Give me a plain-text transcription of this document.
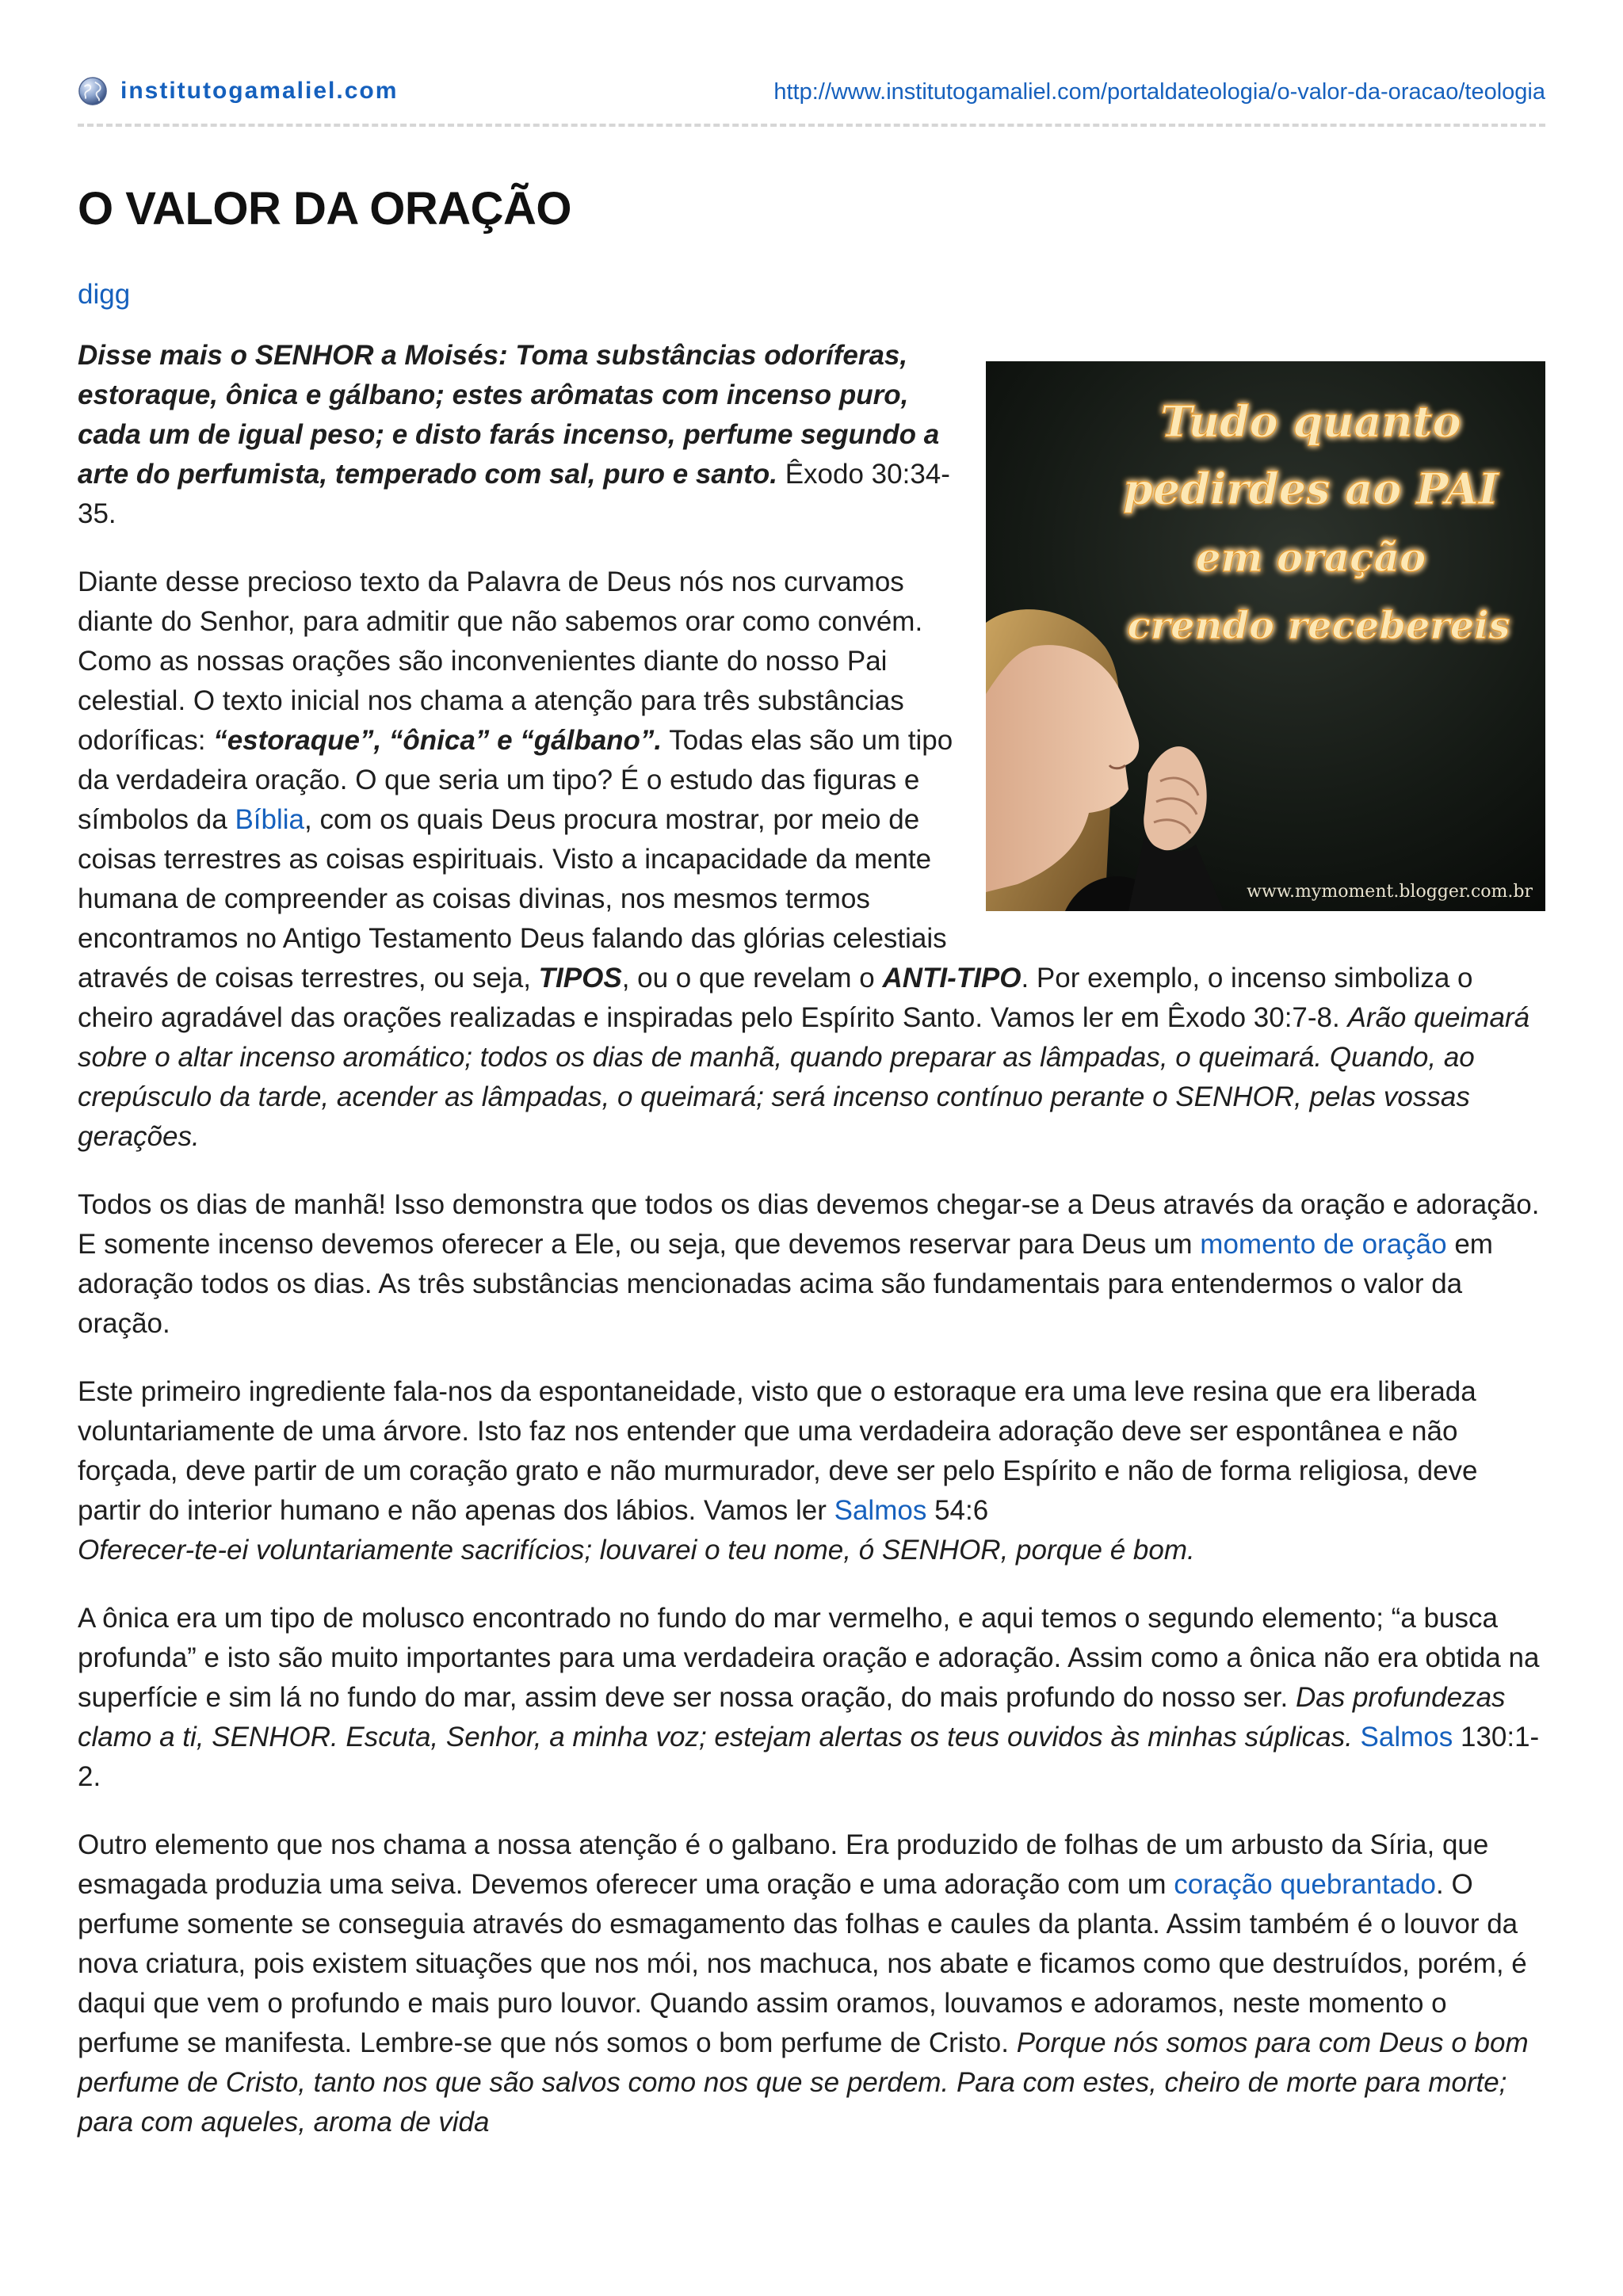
institutogamaliel.com	http://www.institutogamaliel.com/portaldateologia/o-valor-da-oracao/teologia
O VALOR DA ORAÇÃO
digg
Tudo quanto
pedirdes ao PAI
em oração
crendo recebereis
www.mymoment.blogger.com.br

Disse mais o SENHOR a Moisés: Toma substâncias odoríferas, estoraque, ônica e gálbano; estes arômatas com incenso puro, cada um de igual peso; e disto farás incenso, perfume segundo a arte do perfumista, temperado com sal, puro e santo. Êxodo 30:34-35.

Diante desse precioso texto da Palavra de Deus nós nos curvamos diante do Senhor, para admitir que não sabemos orar como convém. Como as nossas orações são inconvenientes diante do nosso Pai celestial. O texto inicial nos chama a atenção para três substâncias odoríficas: “estoraque”, “ônica” e “gálbano”. Todas elas são um tipo da verdadeira oração. O que seria um tipo? É o estudo das figuras e símbolos da Bíblia, com os quais Deus procura mostrar, por meio de coisas terrestres as coisas espirituais. Visto a incapacidade da mente humana de compreender as coisas divinas, nos mesmos termos encontramos no Antigo Testamento Deus falando das glórias celestiais através de coisas terrestres, ou seja, TIPOS, ou o que revelam o ANTI-TIPO. Por exemplo, o incenso simboliza o cheiro agradável das orações realizadas e inspiradas pelo Espírito Santo. Vamos ler em Êxodo 30:7-8. Arão queimará sobre o altar incenso aromático; todos os dias de manhã, quando preparar as lâmpadas, o queimará. Quando, ao crepúsculo da tarde, acender as lâmpadas, o queimará; será incenso contínuo perante o SENHOR, pelas vossas gerações.

Todos os dias de manhã! Isso demonstra que todos os dias devemos chegar-se a Deus através da oração e adoração. E somente incenso devemos oferecer a Ele, ou seja, que devemos reservar para Deus um momento de oração em adoração todos os dias. As três substâncias mencionadas acima são fundamentais para entendermos o valor da oração.

Este primeiro ingrediente fala-nos da espontaneidade, visto que o estoraque era uma leve resina que era liberada voluntariamente de uma árvore. Isto faz nos entender que uma verdadeira adoração deve ser espontânea e não forçada, deve partir de um coração grato e não murmurador, deve ser pelo Espírito e não de forma religiosa, deve partir do interior humano e não apenas dos lábios. Vamos ler Salmos 54:6
Oferecer-te-ei voluntariamente sacrifícios; louvarei o teu nome, ó SENHOR, porque é bom.

A ônica era um tipo de molusco encontrado no fundo do mar vermelho, e aqui temos o segundo elemento; “a busca profunda” e isto são muito importantes para uma verdadeira oração e adoração. Assim como a ônica não era obtida na superfície e sim lá no fundo do mar, assim deve ser nossa oração, do mais profundo do nosso ser. Das profundezas clamo a ti, SENHOR. Escuta, Senhor, a minha voz; estejam alertas os teus ouvidos às minhas súplicas. Salmos 130:1-2.

Outro elemento que nos chama a nossa atenção é o galbano. Era produzido de folhas de um arbusto da Síria, que esmagada produzia uma seiva. Devemos oferecer uma oração e uma adoração com um coração quebrantado. O perfume somente se conseguia através do esmagamento das folhas e caules da planta. Assim também é o louvor da nova criatura, pois existem situações que nos mói, nos machuca, nos abate e ficamos como que destruídos, porém, é daqui que vem o profundo e mais puro louvor. Quando assim oramos, louvamos e adoramos, neste momento o perfume se manifesta. Lembre-se que nós somos o bom perfume de Cristo. Porque nós somos para com Deus o bom perfume de Cristo, tanto nos que são salvos como nos que se perdem. Para com estes, cheiro de morte para morte; para com aqueles, aroma de vida
